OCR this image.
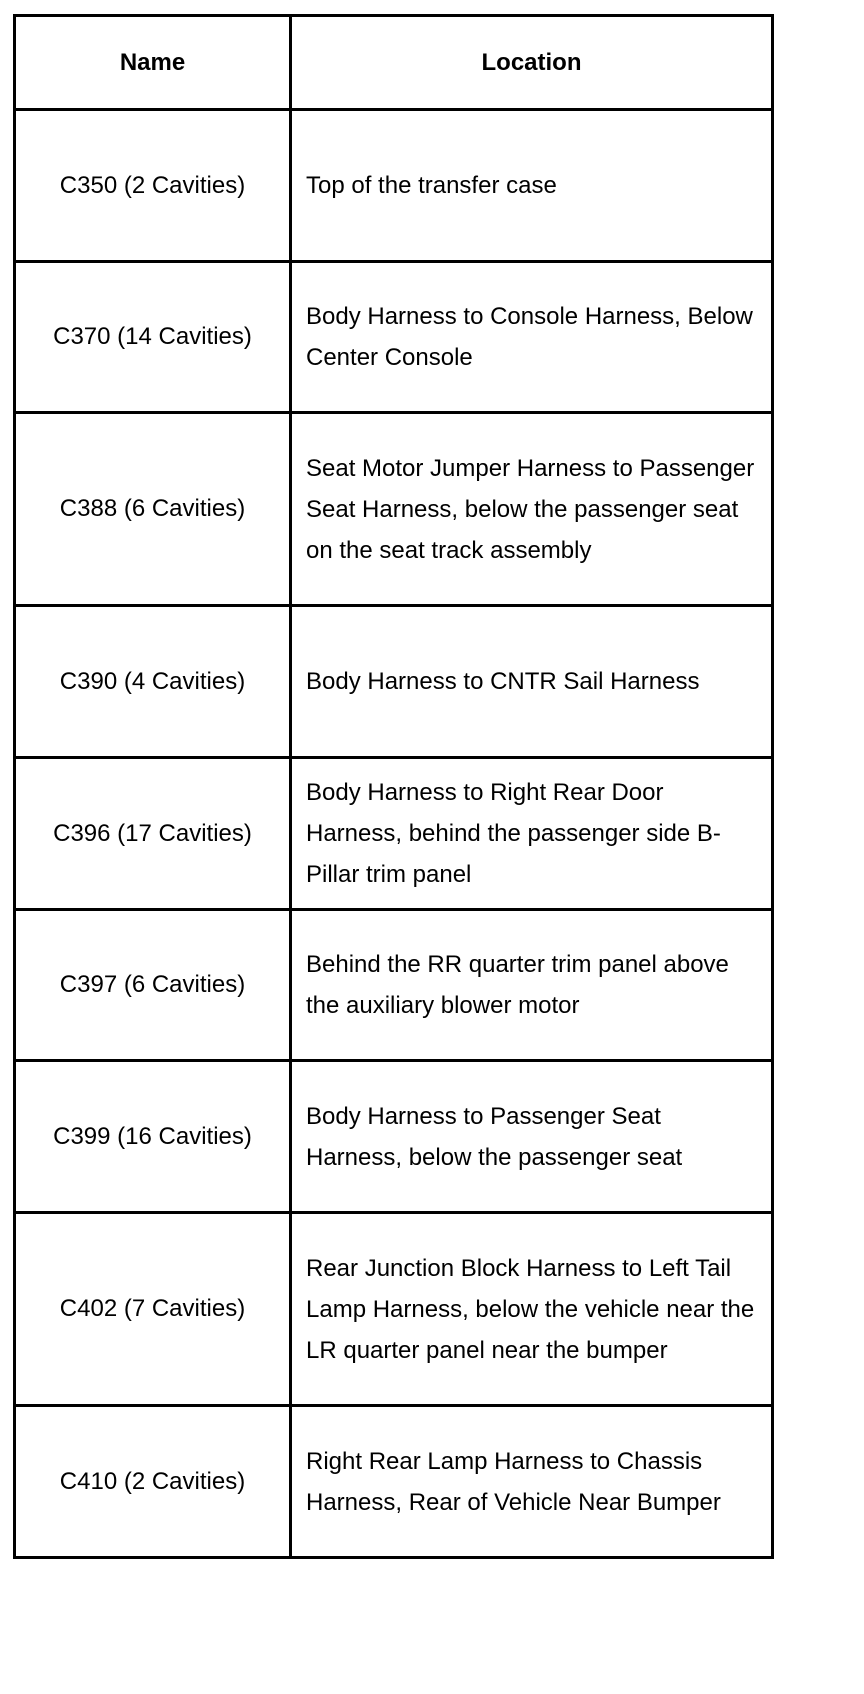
Name	Location
C350 (2 Cavities)	Top of the transfer case
C370 (14 Cavities)	Body Harness to Console Harness, Below Center Console
C388 (6 Cavities)	Seat Motor Jumper Harness to Passenger Seat Harness, below the passenger seat on the seat track assembly
C390 (4 Cavities)	Body Harness to CNTR Sail Harness
C396 (17 Cavities)	Body Harness to Right Rear Door Harness, behind the passenger side B-Pillar trim panel
C397 (6 Cavities)	Behind the RR quarter trim panel above the auxiliary blower motor
C399 (16 Cavities)	Body Harness to Passenger Seat Harness, below the passenger seat
C402 (7 Cavities)	Rear Junction Block Harness to Left Tail Lamp Harness, below the vehicle near the LR quarter panel near the bumper
C410 (2 Cavities)	Right Rear Lamp Harness to Chassis Harness, Rear of Vehicle Near Bumper
